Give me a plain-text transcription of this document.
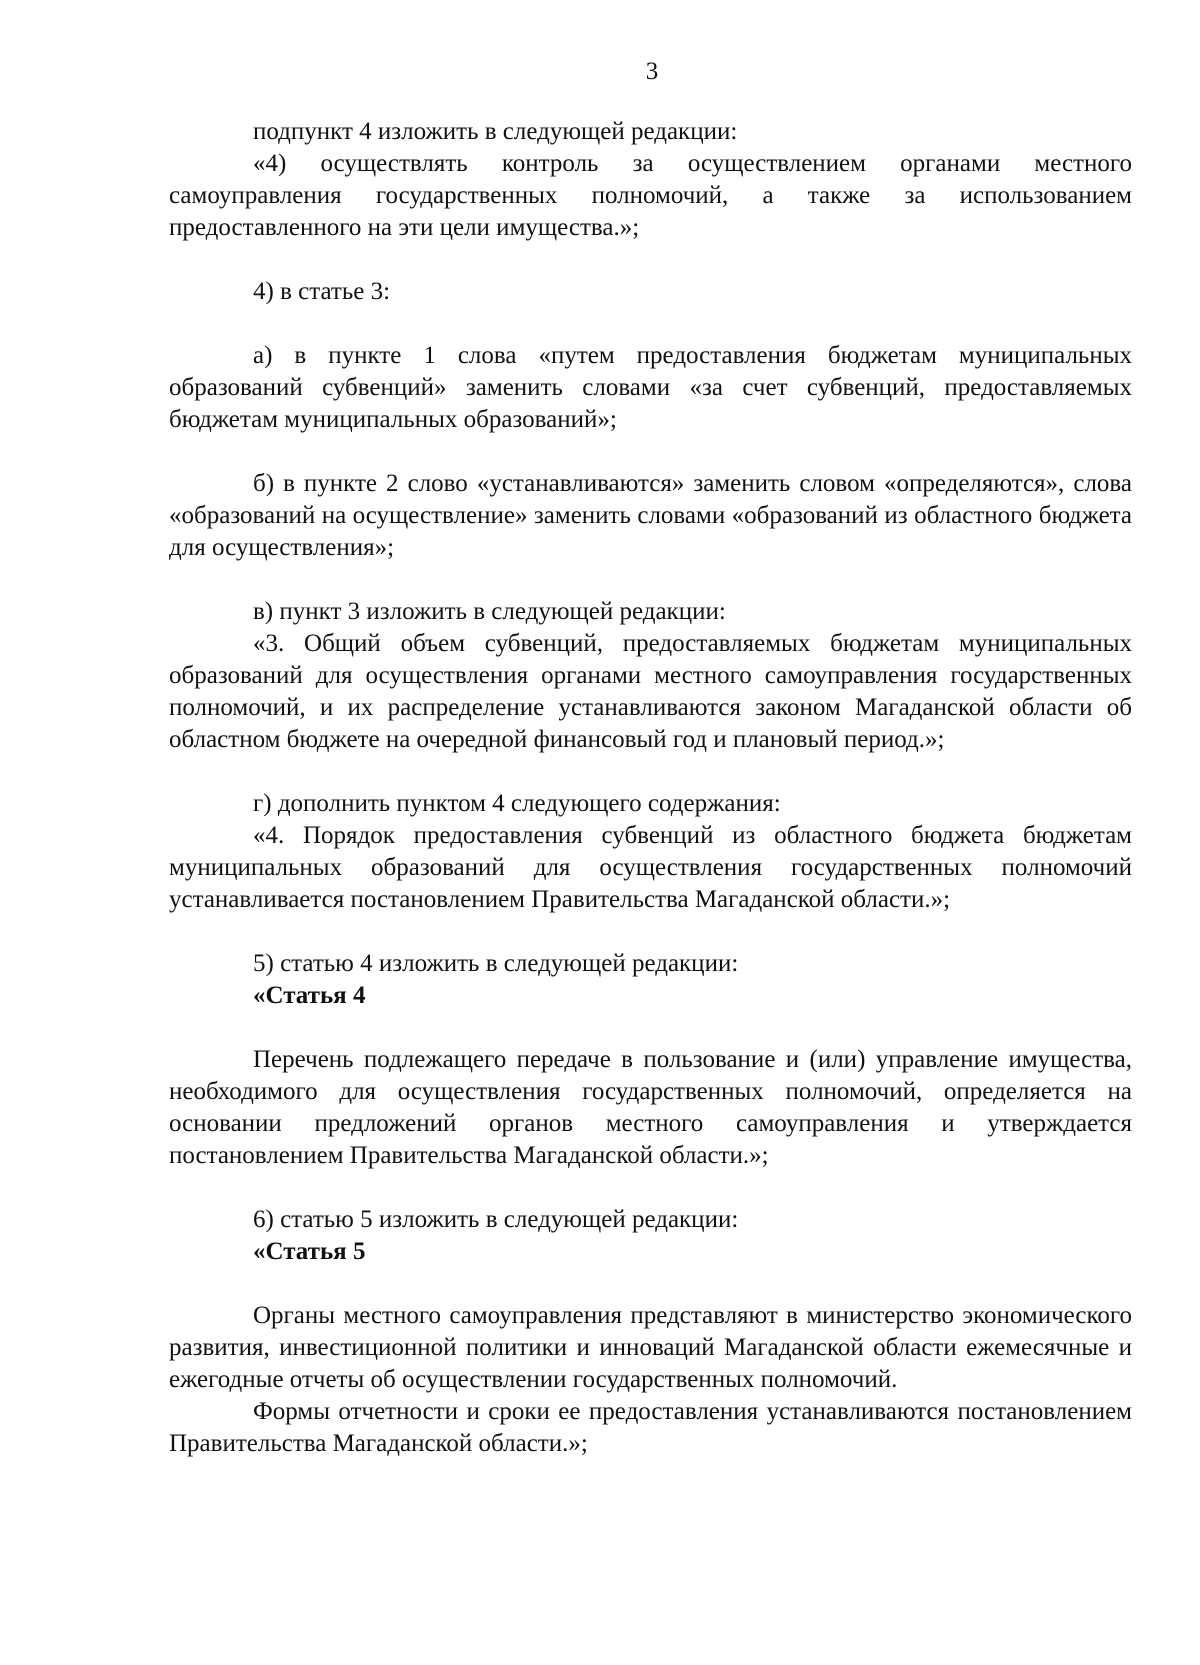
3

подпункт 4 изложить в следующей редакции:

«4) осуществлять контроль за осуществлением органами местного самоуправления государственных полномочий, а также за использованием предоставленного на эти цели имущества.»;

4) в статье 3:

а) в пункте 1 слова «путем предоставления бюджетам муниципальных образований субвенций» заменить словами «за счет субвенций, предоставляемых бюджетам муниципальных образований»;

б) в пункте 2 слово «устанавливаются» заменить словом «определяются», слова «образований на осуществление» заменить словами «образований из областного бюджета для осуществления»;

в) пункт 3 изложить в следующей редакции:

«3. Общий объем субвенций, предоставляемых бюджетам муниципальных образований для осуществления органами местного самоуправления государственных полномочий, и их распределение устанавливаются законом Магаданской области об областном бюджете на очередной финансовый год и плановый период.»;

г) дополнить пунктом 4 следующего содержания:

«4. Порядок предоставления субвенций из областного бюджета бюджетам муниципальных образований для осуществления государственных полномочий устанавливается постановлением Правительства Магаданской области.»;

5) статью 4 изложить в следующей редакции:

«Статья 4

Перечень подлежащего передаче в пользование и (или) управление имущества, необходимого для осуществления государственных полномочий, определяется на основании предложений органов местного самоуправления и утверждается постановлением Правительства Магаданской области.»;

6) статью 5 изложить в следующей редакции:

«Статья 5

Органы местного самоуправления представляют в министерство экономического развития, инвестиционной политики и инноваций Магаданской области ежемесячные и ежегодные отчеты об осуществлении государственных полномочий.

Формы отчетности и сроки ее предоставления устанавливаются постановлением Правительства Магаданской области.»;
